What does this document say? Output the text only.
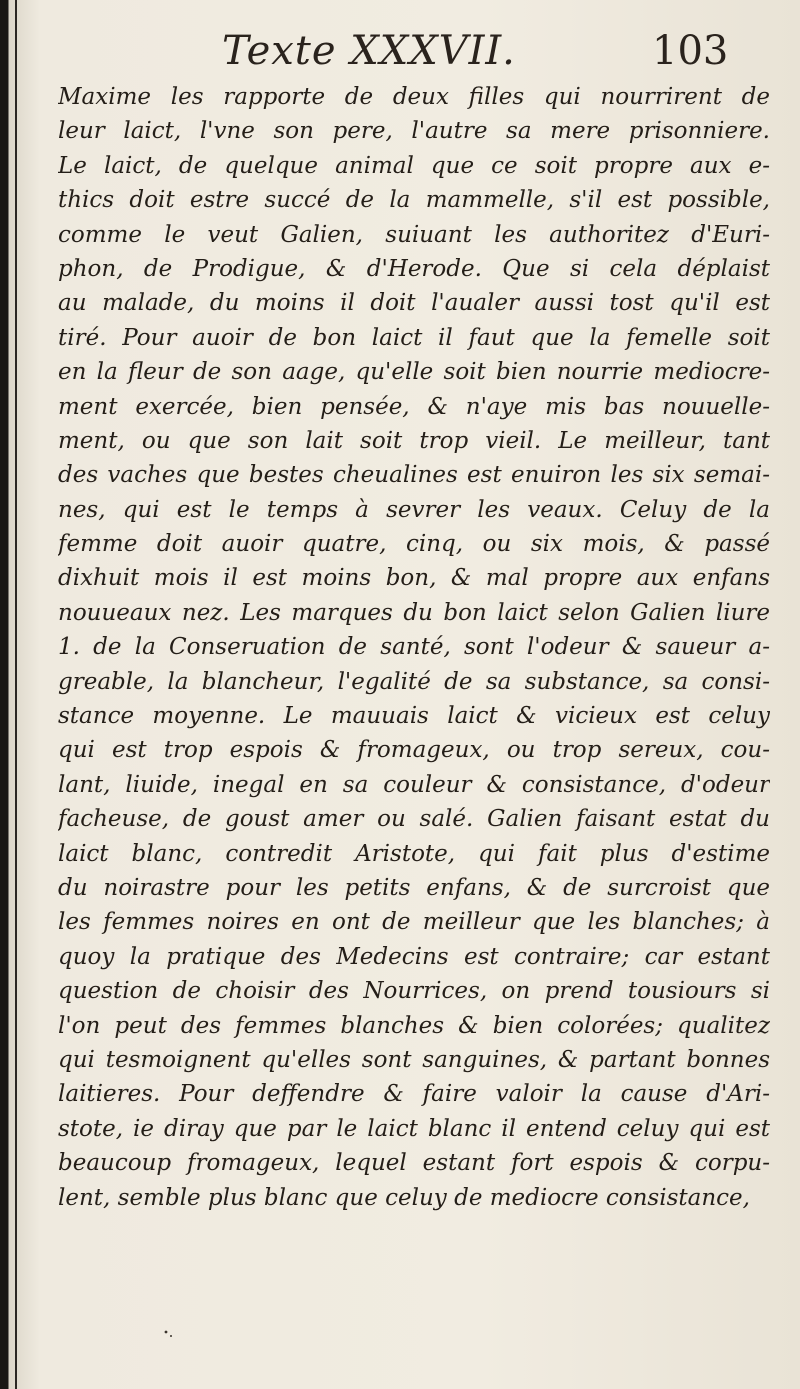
Texte XXXVII.	103
Maxime les rapporte de deux filles qui nourrirent de
leur laict, l'vne son pere, l'autre sa mere prisonniere.
Le laict, de quelque animal que ce soit propre aux e-
thics doit estre succé de la mammelle, s'il est possible,
comme le veut Galien, suiuant les authoritez d'Euri-
phon, de Prodigue, & d'Herode. Que si cela déplaist
au malade, du moins il doit l'aualer aussi tost qu'il est
tiré. Pour auoir de bon laict il faut que la femelle soit
en la fleur de son aage, qu'elle soit bien nourrie mediocre-
ment exercée, bien pensée, & n'aye mis bas nouuelle-
ment, ou que son lait soit trop vieil. Le meilleur, tant
des vaches que bestes cheualines est enuiron les six semai-
nes, qui est le temps à sevrer les veaux. Celuy de la
femme doit auoir quatre, cinq, ou six mois, & passé
dixhuit mois il est moins bon, & mal propre aux enfans
nouueaux nez. Les marques du bon laict selon Galien liure
1. de la Conseruation de santé, sont l'odeur & saueur a-
greable, la blancheur, l'egalité de sa substance, sa consi-
stance moyenne. Le mauuais laict & vicieux est celuy
qui est trop espois & fromageux, ou trop sereux, cou-
lant, liuide, inegal en sa couleur & consistance, d'odeur
facheuse, de goust amer ou salé. Galien faisant estat du
laict blanc, contredit Aristote, qui fait plus d'estime
du noirastre pour les petits enfans, & de surcroist que
les femmes noires en ont de meilleur que les blanches; à
quoy la pratique des Medecins est contraire; car estant
question de choisir des Nourrices, on prend tousiours si
l'on peut des femmes blanches & bien colorées; qualitez
qui tesmoignent qu'elles sont sanguines, & partant bonnes
laitieres. Pour deffendre & faire valoir la cause d'Ari-
stote, ie diray que par le laict blanc il entend celuy qui est
beaucoup fromageux, lequel estant fort espois & corpu-
lent, semble plus blanc que celuy de mediocre consistance,
